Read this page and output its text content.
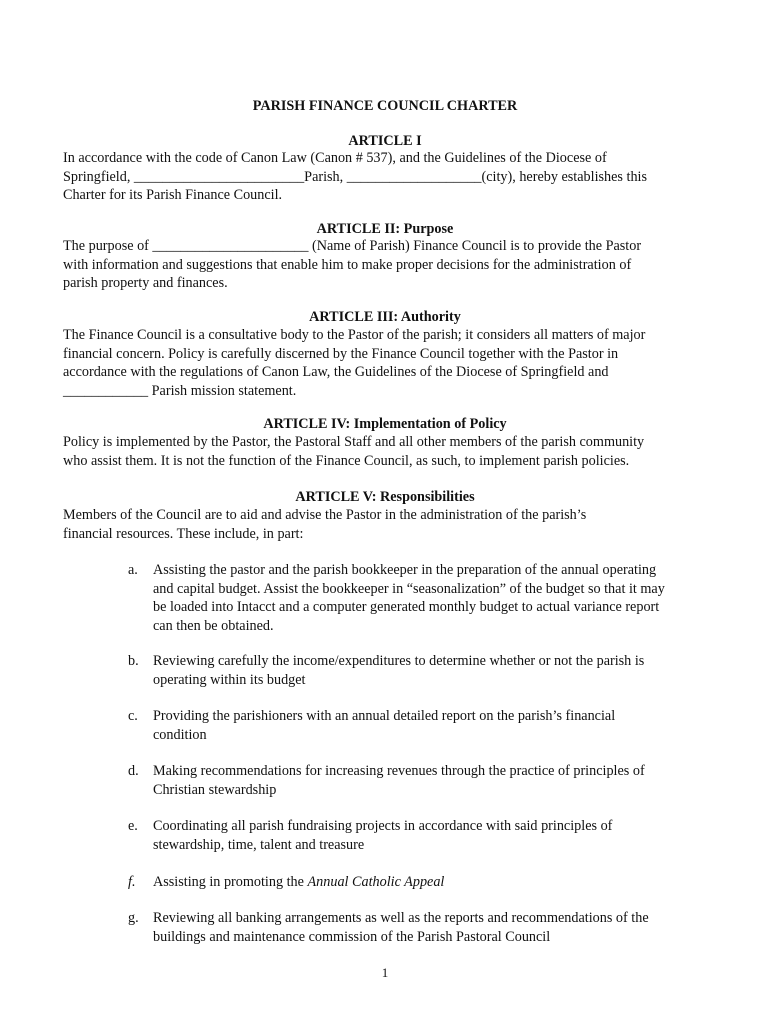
PARISH FINANCE COUNCIL CHARTER
ARTICLE I
In accordance with the code of Canon Law (Canon # 537), and the Guidelines of the Diocese of
Springfield, ________________________Parish, ___________________(city), hereby establishes this
Charter for its Parish Finance Council.
ARTICLE II: Purpose
The purpose of ______________________ (Name of Parish) Finance Council is to provide the Pastor
with information and suggestions that enable him to make proper decisions for the administration of
parish property and finances.
ARTICLE III: Authority
The Finance Council is a consultative body to the Pastor of the parish; it considers all matters of major
financial concern. Policy is carefully discerned by the Finance Council together with the Pastor in
accordance with the regulations of Canon Law, the Guidelines of the Diocese of Springfield and
____________ Parish mission statement.
ARTICLE IV: Implementation of Policy
Policy is implemented by the Pastor, the Pastoral Staff and all other members of the parish community
who assist them. It is not the function of the Finance Council, as such, to implement parish policies.
ARTICLE V: Responsibilities
Members of the Council are to aid and advise the Pastor in the administration of the parish’s
financial resources. These include, in part:
a.	Assisting the pastor and the parish bookkeeper in the preparation of the annual operating
and capital budget. Assist the bookkeeper in “seasonalization” of the budget so that it may
be loaded into Intacct and a computer generated monthly budget to actual variance report
can then be obtained.
b.	Reviewing carefully the income/expenditures to determine whether or not the parish is
operating within its budget
c.	Providing the parishioners with an annual detailed report on the parish’s financial
condition
d.	Making recommendations for increasing revenues through the practice of principles of
Christian stewardship
e.	Coordinating all parish fundraising projects in accordance with said principles of
stewardship, time, talent and treasure
f.	Assisting in promoting the Annual Catholic Appeal
g.	Reviewing all banking arrangements as well as the reports and recommendations of the
buildings and maintenance commission of the Parish Pastoral Council
1
